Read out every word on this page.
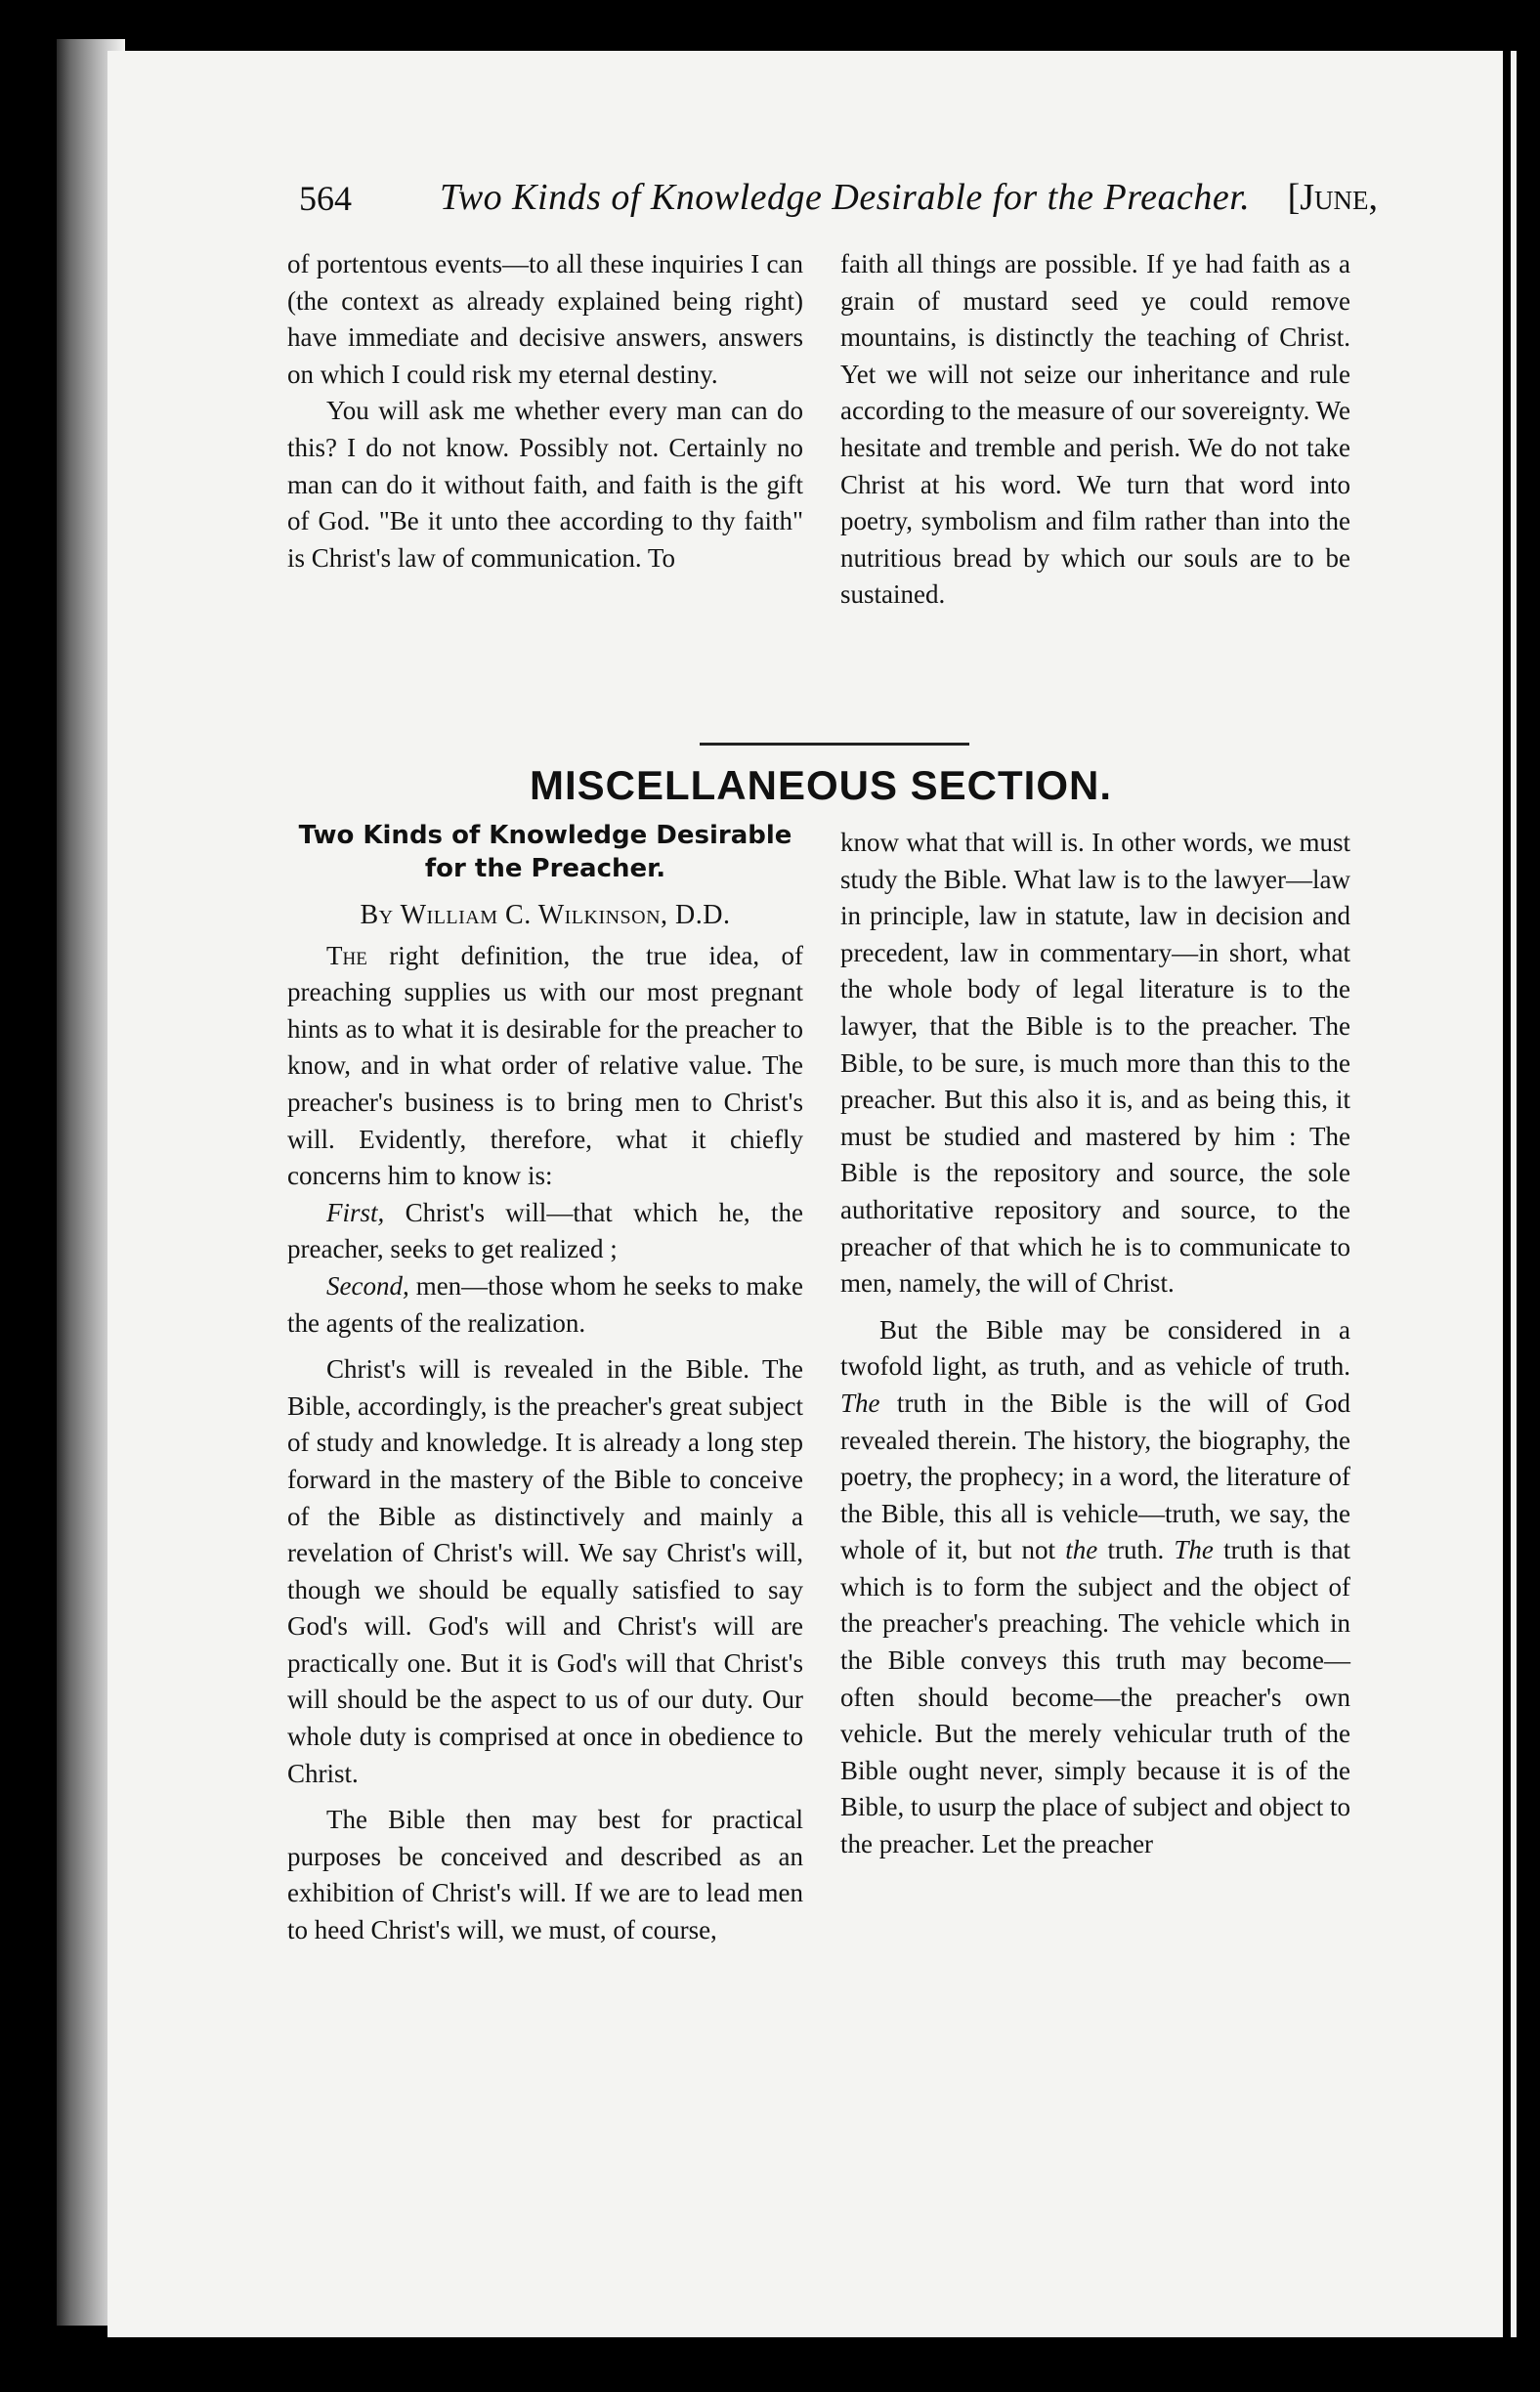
564 Two Kinds of Knowledge Desirable for the Preacher. [June,

of portentous events—to all these inquiries I can (the context as already explained being right) have immediate and decisive answers, answers on which I could risk my eternal destiny.

You will ask me whether every man can do this? I do not know. Possibly not. Certainly no man can do it without faith, and faith is the gift of God. "Be it unto thee according to thy faith" is Christ's law of communication. To

faith all things are possible. If ye had faith as a grain of mustard seed ye could remove mountains, is distinctly the teaching of Christ. Yet we will not seize our inheritance and rule according to the measure of our sovereignty. We hesitate and tremble and perish. We do not take Christ at his word. We turn that word into poetry, symbolism and film rather than into the nutritious bread by which our souls are to be sustained.

MISCELLANEOUS SECTION.
Two Kinds of Knowledge Desirable for the Preacher.
By William C. Wilkinson, D.D.

The right definition, the true idea, of preaching supplies us with our most pregnant hints as to what it is desirable for the preacher to know, and in what order of relative value. The preacher's business is to bring men to Christ's will. Evidently, therefore, what it chiefly concerns him to know is:

First, Christ's will—that which he, the preacher, seeks to get realized ;

Second, men—those whom he seeks to make the agents of the realization.

Christ's will is revealed in the Bible. The Bible, accordingly, is the preacher's great subject of study and knowledge. It is already a long step forward in the mastery of the Bible to conceive of the Bible as distinctively and mainly a revelation of Christ's will. We say Christ's will, though we should be equally satisfied to say God's will. God's will and Christ's will are practically one. But it is God's will that Christ's will should be the aspect to us of our duty. Our whole duty is comprised at once in obedience to Christ.

The Bible then may best for practical purposes be conceived and described as an exhibition of Christ's will. If we are to lead men to heed Christ's will, we must, of course,

know what that will is. In other words, we must study the Bible. What law is to the lawyer—law in principle, law in statute, law in decision and precedent, law in commentary—in short, what the whole body of legal literature is to the lawyer, that the Bible is to the preacher. The Bible, to be sure, is much more than this to the preacher. But this also it is, and as being this, it must be studied and mastered by him : The Bible is the repository and source, the sole authoritative repository and source, to the preacher of that which he is to communicate to men, namely, the will of Christ.

But the Bible may be considered in a twofold light, as truth, and as vehicle of truth. The truth in the Bible is the will of God revealed therein. The history, the biography, the poetry, the prophecy; in a word, the literature of the Bible, this all is vehicle—truth, we say, the whole of it, but not the truth. The truth is that which is to form the subject and the object of the preacher's preaching. The vehicle which in the Bible conveys this truth may become—often should become—the preacher's own vehicle. But the merely vehicular truth of the Bible ought never, simply because it is of the Bible, to usurp the place of subject and object to the preacher. Let the preacher
